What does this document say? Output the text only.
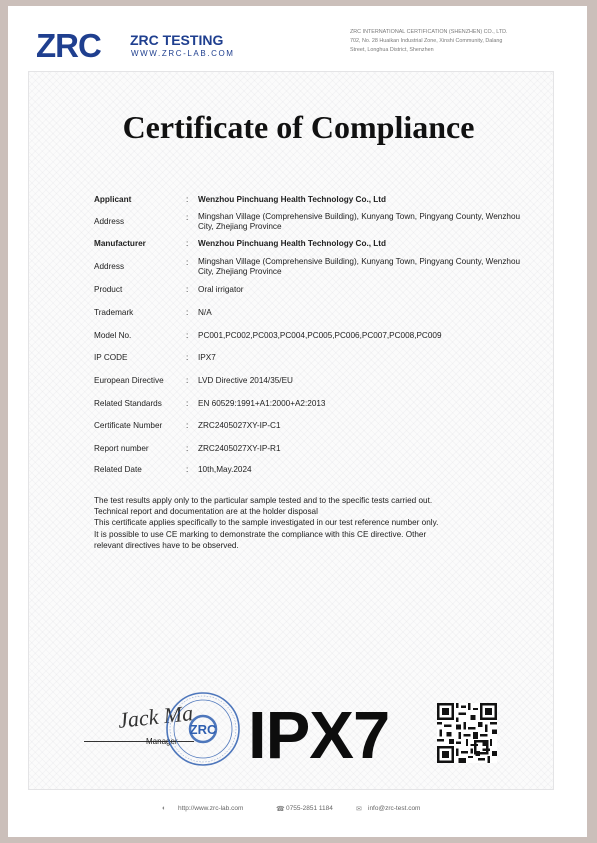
ZRC ZRC TESTING
WWW.ZRC-LAB.COM
ZRC INTERNATIONAL CERTIFICATION (SHENZHEN) CO., LTD.
702, No. 28 Huaikan Industrial Zone, Xinshi Community, Dalang
Street, Longhua District, Shenzhen
Certificate of Compliance
Applicant	: Wenzhou Pinchuang Health Technology Co., Ltd
Address	: Mingshan Village (Comprehensive Building), Kunyang Town, Pingyang County, Wenzhou City, Zhejiang Province
Manufacturer	: Wenzhou Pinchuang Health Technology Co., Ltd
Address	: Mingshan Village (Comprehensive Building), Kunyang Town, Pingyang County, Wenzhou City, Zhejiang Province
Product	: Oral irrigator
Trademark	: N/A
Model No.	: PC001,PC002,PC003,PC004,PC005,PC006,PC007,PC008,PC009
IP CODE	: IPX7
European Directive	: LVD Directive 2014/35/EU
Related Standards	: EN 60529:1991+A1:2000+A2:2013
Certificate Number	: ZRC2405027XY-IP-C1
Report number	: ZRC2405027XY-IP-R1
Related Date	: 10th,May.2024
The test results apply only to the particular sample tested and to the specific tests carried out.
Technical report and documentation are at the holder disposal
This certificate applies specifically to the sample investigated in our test reference number only.
It is possible to use CE marking to demonstrate the compliance with this CE directive. Other
relevant directives have to be observed.
Jack Ma
Manager
ZRC IPX7
◐ http://www.zrc-lab.com	☎ 0755-2851 1184	✉ info@zrc-test.com
